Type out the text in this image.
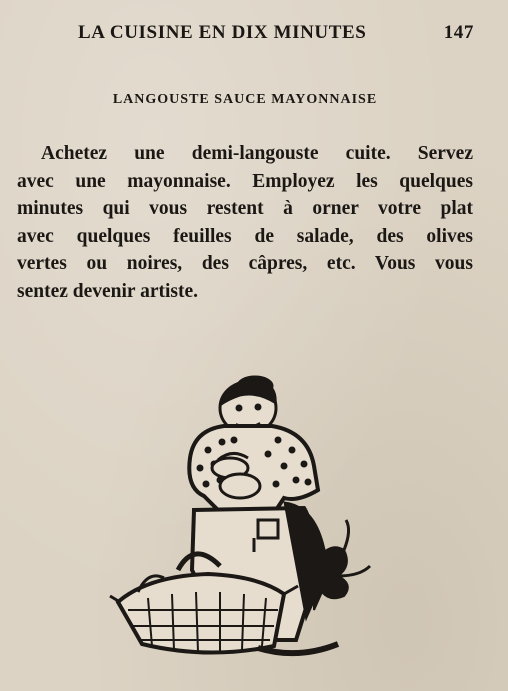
LA CUISINE EN DIX MINUTES	147
LANGOUSTE SAUCE MAYONNAISE
Achetez une demi-langouste cuite. Servez
avec une mayonnaise. Employez les quelques
minutes qui vous restent à orner votre plat
avec quelques feuilles de salade, des olives
vertes ou noires, des câpres, etc. Vous vous
sentez devenir artiste.
